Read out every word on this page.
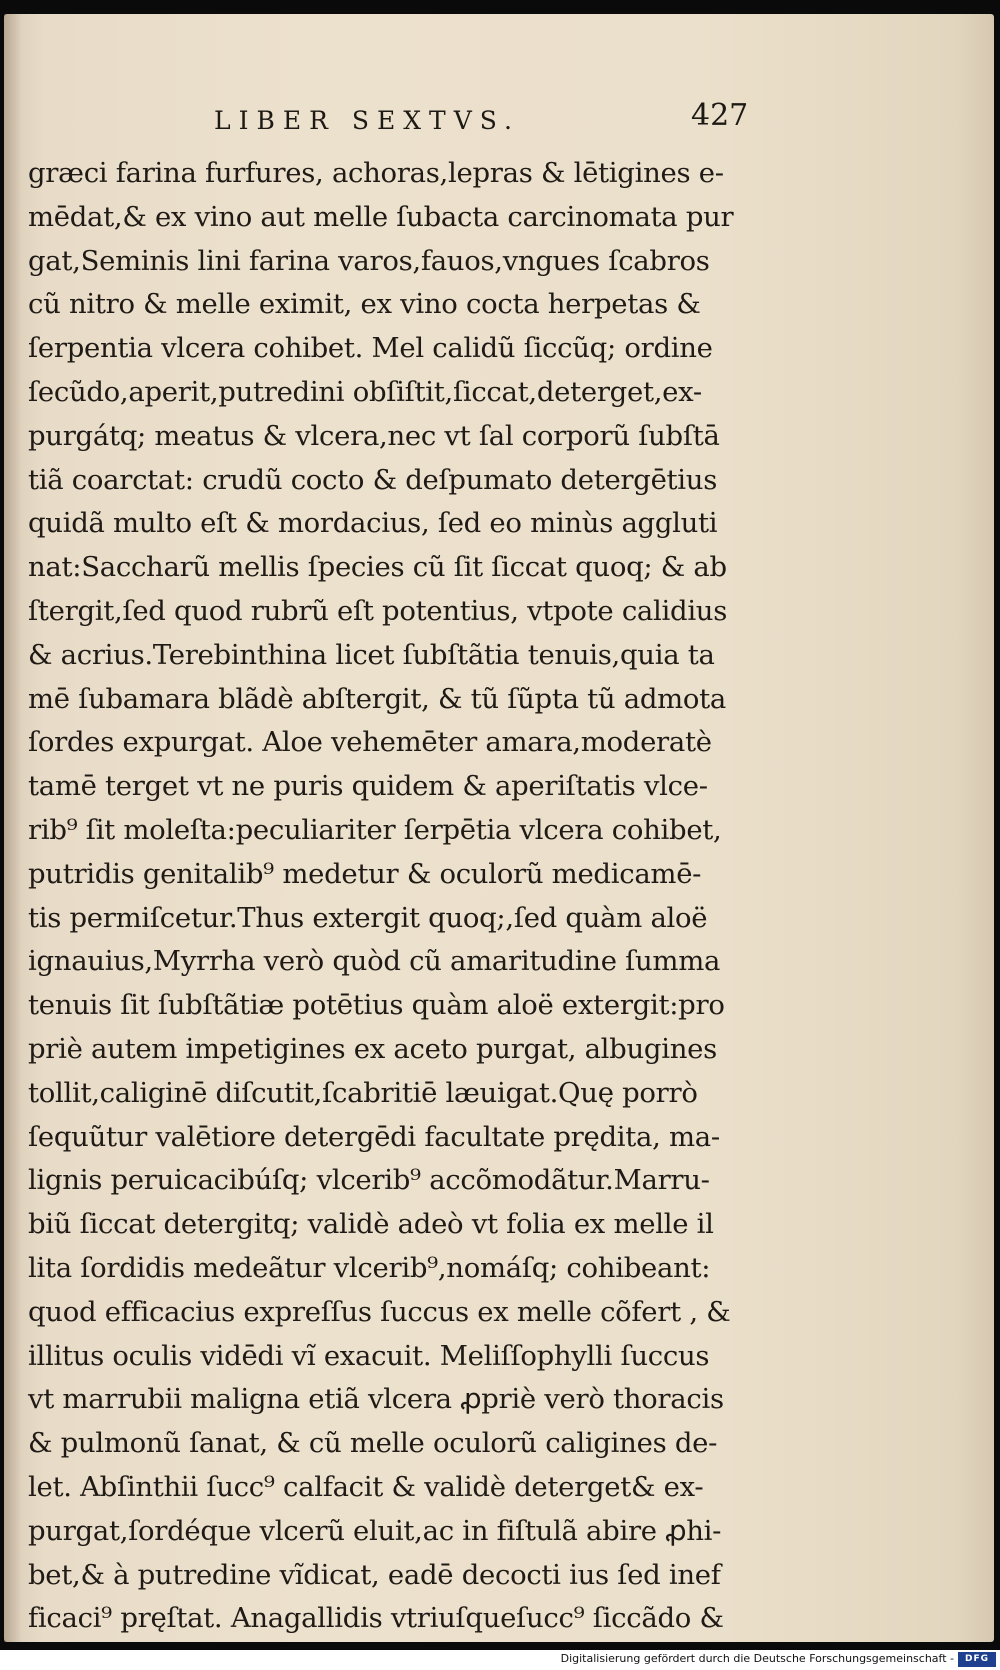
LIBER SEXTVS.	427
græci farina furfures, achoras,lepras & lētigines e-
mēdat,& ex vino aut melle ſubacta carcinomata pur
gat,Seminis lini farina varos,fauos,vngues ſcabros
cũ nitro & melle eximit, ex vino cocta herpetas &
ſerpentia vlcera cohibet. Mel calidũ ſiccũq; ordine
ſecũdo,aperit,putredini obſiſtit,ſiccat,deterget,ex-
purgátq; meatus & vlcera,nec vt ſal corporũ ſubſtā
tiã coarctat: crudũ cocto & deſpumato detergētius
quidã multo eſt & mordacius, ſed eo minùs aggluti
nat:Saccharũ mellis ſpecies cũ ſit ſiccat quoq; & ab
ſtergit,ſed quod rubrũ eſt potentius, vtpote calidius
& acrius.Terebinthina licet ſubſtãtia tenuis,quia ta
mē ſubamara blãdè abſtergit, & tũ ſũpta tũ admota
ſordes expurgat. Aloe vehemēter amara,moderatè
tamē terget vt ne puris quidem & aperiſtatis vlce-
rib⁹ ſit moleſta:peculiariter ſerpētia vlcera cohibet,
putridis genitalib⁹ medetur & oculorũ medicamē-
tis permiſcetur.Thus extergit quoq;,ſed quàm aloë
ignauius,Myrrha verò quòd cũ amaritudine ſumma
tenuis ſit ſubſtãtiæ potētius quàm aloë extergit:pro
priè autem impetigines ex aceto purgat, albugines
tollit,caliginē diſcutit,ſcabritiē læuigat.Quę porrò
ſequũtur valētiore detergēdi facultate prędita, ma-
lignis peruicacibúſq; vlcerib⁹ accõmodãtur.Marru-
biũ ſiccat detergitq; validè adeò vt folia ex melle il
lita ſordidis medeãtur vlcerib⁹,nomáſq; cohibeant:
quod efficacius expreſſus ſuccus ex melle cõfert , &
illitus oculis vidēdi vĩ exacuit. Meliſſophylli ſuccus
vt marrubii maligna etiã vlcera ꝓpriè verò thoracis
& pulmonũ ſanat, & cũ melle oculorũ caligines de-
let. Abſinthii ſucc⁹ calfacit & validè deterget& ex-
purgat,ſordéque vlcerũ eluit,ac in fiſtulã abire ꝓhi-
bet,& à putredine vĩdicat, eadē decocti ius ſed inef
ficaci⁹ pręſtat. Anagallidis vtriuſqueſucc⁹ ſiccãdo &
Digitalisierung gefördert durch die Deutsche Forschungsgemeinschaft -	DFG
